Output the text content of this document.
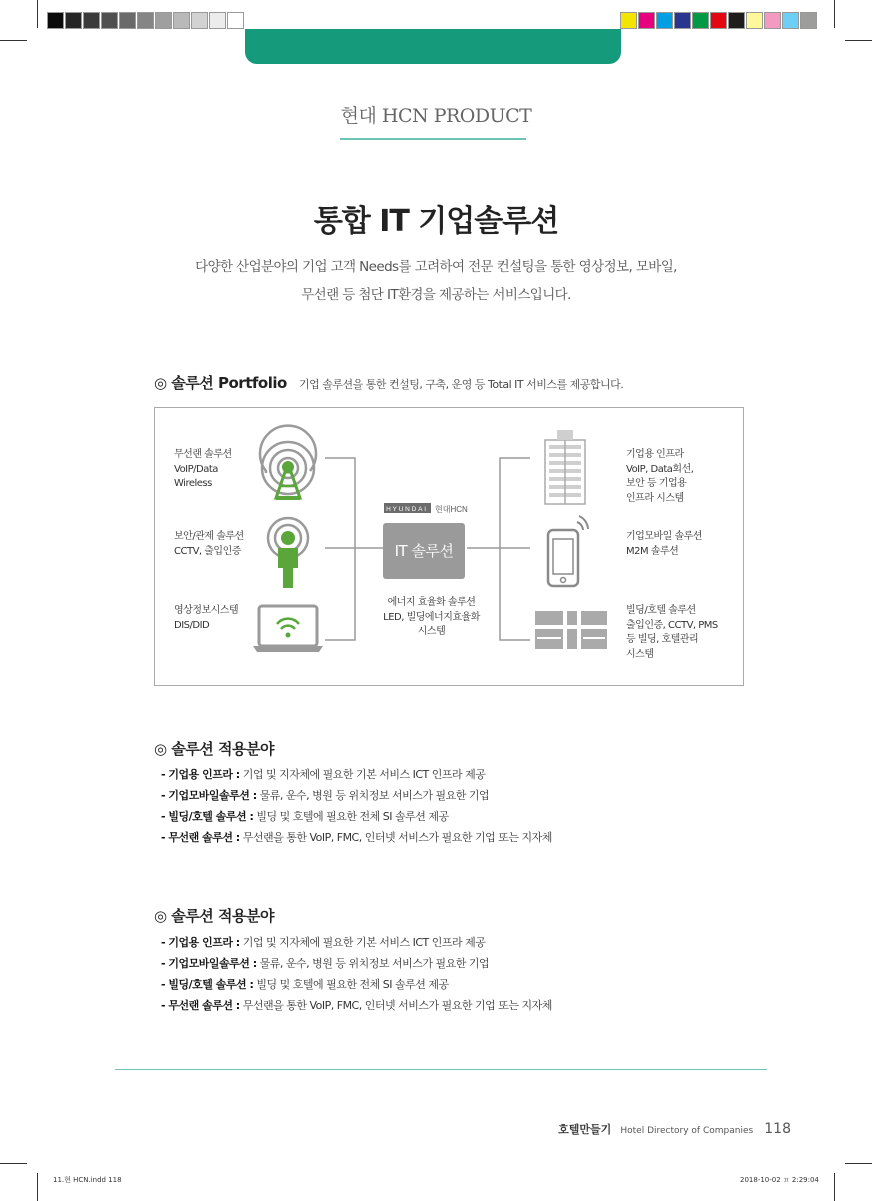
현대 HCN PRODUCT
통합 IT 기업솔루션
다양한 산업분야의 기업 고객 Needs를 고려하여 전문 컨설팅을 통한 영상정보, 모바일,
무선랜 등 첨단 IT환경을 제공하는 서비스입니다.
◎ 솔루션 Portfolio 기업 솔루션을 통한 컨설팅, 구축, 운영 등 Total IT 서비스를 제공합니다.
HYUNDAI 현대HCN
IT 솔루션
무선랜 솔루션
VoIP/Data
Wireless
보안/관제 솔루션
CCTV, 출입인증
영상정보시스템
DIS/DID
에너지 효율화 솔루션
LED, 빌딩에너지효율화
시스템
기업용 인프라
VoIP, Data회선,
보안 등 기업용
인프라 시스템
기업모바일 솔루션
M2M 솔루션
빌딩/호텔 솔루션
출입인증, CCTV, PMS
등 빌딩, 호텔관리
시스템
◎ 솔루션 적용분야
- 기업용 인프라 : 기업 및 지자체에 필요한 기본 서비스 ICT 인프라 제공
- 기업모바일솔루션 : 물류, 운수, 병원 등 위치정보 서비스가 필요한 기업
- 빌딩/호텔 솔루션 : 빌딩 및 호텔에 필요한 전체 SI 솔루션 제공
- 무선랜 솔루션 : 무선랜을 통한 VoIP, FMC, 인터넷 서비스가 필요한 기업 또는 지자체
◎ 솔루션 적용분야
- 기업용 인프라 : 기업 및 지자체에 필요한 기본 서비스 ICT 인프라 제공
- 기업모바일솔루션 : 물류, 운수, 병원 등 위치정보 서비스가 필요한 기업
- 빌딩/호텔 솔루션 : 빌딩 및 호텔에 필요한 전체 SI 솔루션 제공
- 무선랜 솔루션 : 무선랜을 통한 VoIP, FMC, 인터넷 서비스가 필요한 기업 또는 지자체
호텔만들기 Hotel Directory of Companies 118
11.현 HCN.indd 118	2018-10-02 ㅍ 2:29:04
